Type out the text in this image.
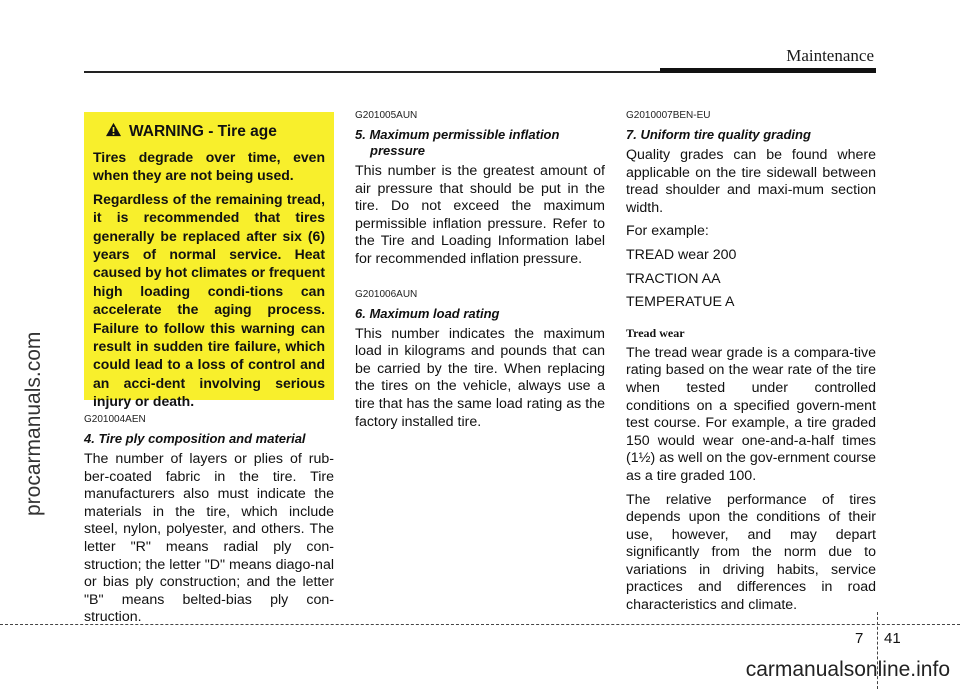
Maintenance
procarmanuals.com
WARNING - Tire age

Tires degrade over time, even when they are not being used.

Regardless of the remaining tread, it is recommended that tires generally be replaced after six (6) years of normal service. Heat caused by hot climates or frequent high loading condi-tions can accelerate the aging process. Failure to follow this warning can result in sudden tire failure, which could lead to a loss of control and an acci-dent involving serious injury or death.

G201004AEN
4. Tire ply composition and material
The number of layers or plies of rub-ber-coated fabric in the tire. Tire manufacturers also must indicate the materials in the tire, which include steel, nylon, polyester, and others. The letter "R" means radial ply con-struction; the letter "D" means diago-nal or bias ply construction; and the letter "B" means belted-bias ply con-struction.
G201005AUN
5. Maximum permissible inflation pressure
This number is the greatest amount of air pressure that should be put in the tire. Do not exceed the maximum permissible inflation pressure. Refer to the Tire and Loading Information label for recommended inflation pressure.
G201006AUN
6. Maximum load rating
This number indicates the maximum load in kilograms and pounds that can be carried by the tire. When replacing the tires on the vehicle, always use a tire that has the same load rating as the factory installed tire.
G2010007BEN-EU
7. Uniform tire quality grading
Quality grades can be found where applicable on the tire sidewall between tread shoulder and maxi-mum section width.
For example:
TREAD wear 200
TRACTION AA
TEMPERATUE A
Tread wear
The tread wear grade is a compara-tive rating based on the wear rate of the tire when tested under controlled conditions on a specified govern-ment test course. For example, a tire graded 150 would wear one-and-a-half times (1½) as well on the gov-ernment course as a tire graded 100.
The relative performance of tires depends upon the conditions of their use, however, and may depart significantly from the norm due to variations in driving habits, service practices and differences in road characteristics and climate.
7 41
carmanualsonline.info
